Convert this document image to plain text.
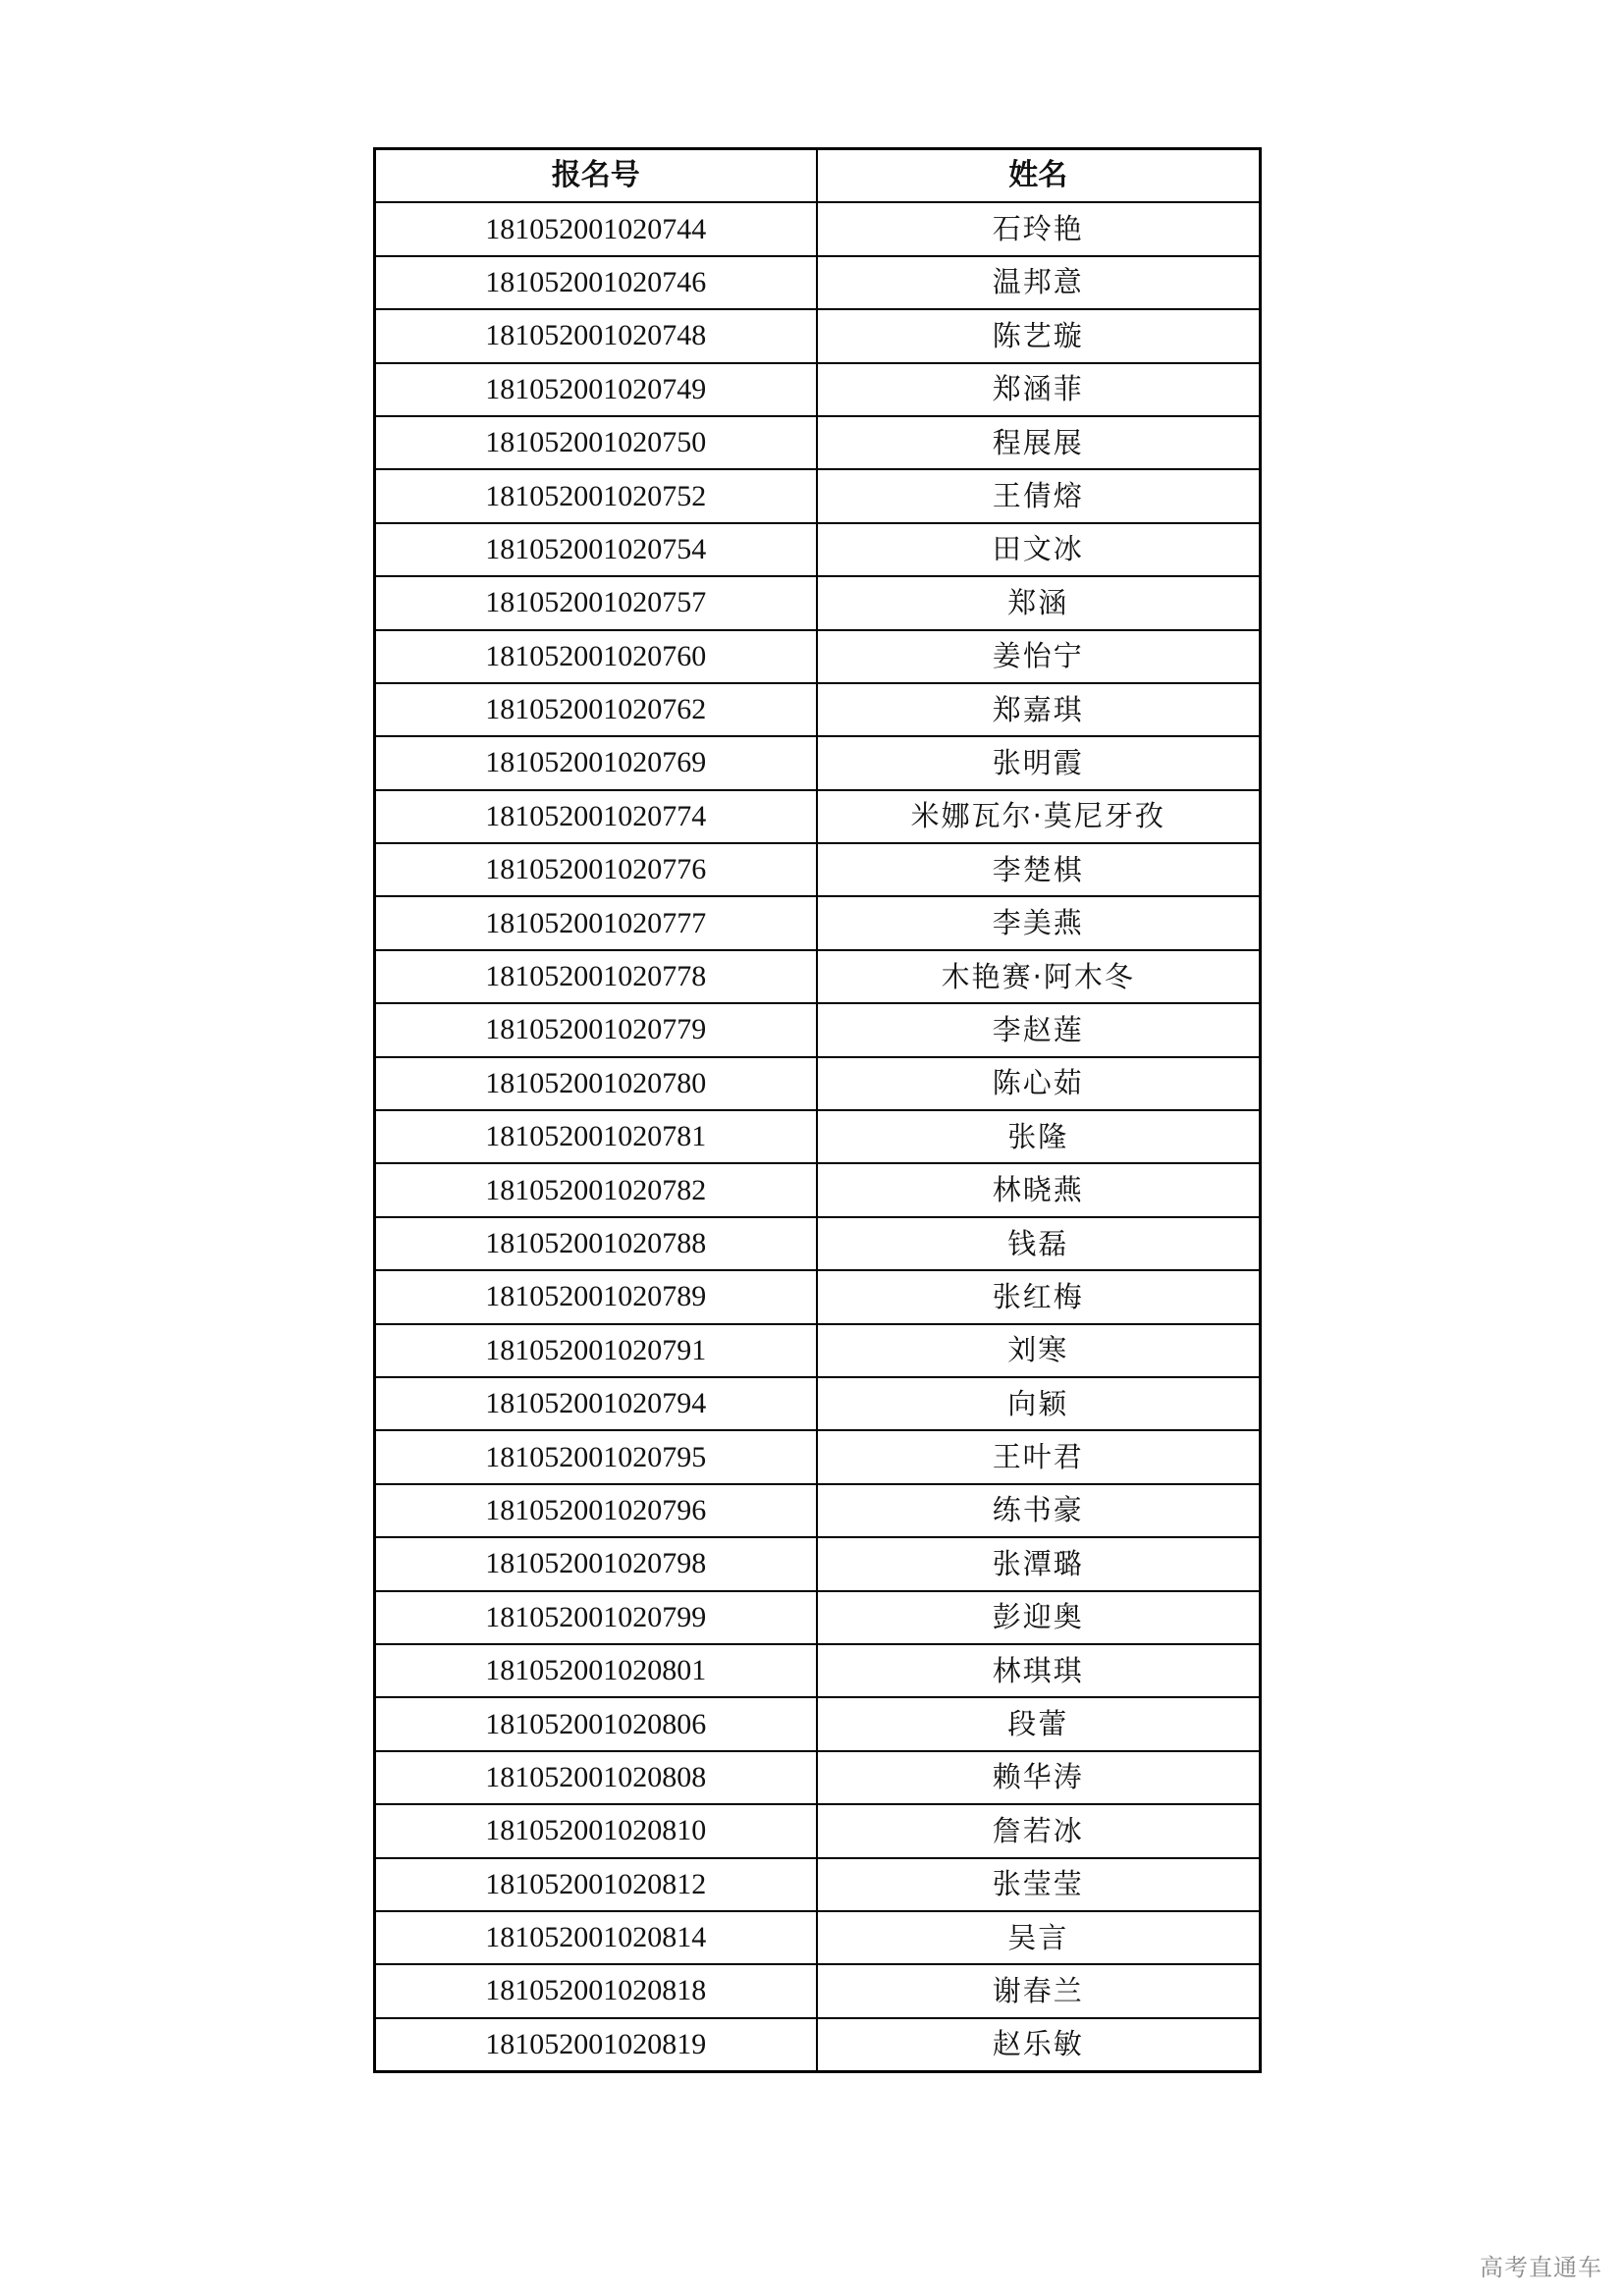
报名号	姓名
181052001020744	石玲艳
181052001020746	温邦意
181052001020748	陈艺璇
181052001020749	郑涵菲
181052001020750	程展展
181052001020752	王倩熔
181052001020754	田文冰
181052001020757	郑涵
181052001020760	姜怡宁
181052001020762	郑嘉琪
181052001020769	张明霞
181052001020774	米娜瓦尔·莫尼牙孜
181052001020776	李楚棋
181052001020777	李美燕
181052001020778	木艳赛·阿木冬
181052001020779	李赵莲
181052001020780	陈心茹
181052001020781	张隆
181052001020782	林晓燕
181052001020788	钱磊
181052001020789	张红梅
181052001020791	刘寒
181052001020794	向颖
181052001020795	王叶君
181052001020796	练书豪
181052001020798	张潭璐
181052001020799	彭迎奥
181052001020801	林琪琪
181052001020806	段蕾
181052001020808	赖华涛
181052001020810	詹若冰
181052001020812	张莹莹
181052001020814	吴言
181052001020818	谢春兰
181052001020819	赵乐敏
高考直通车
